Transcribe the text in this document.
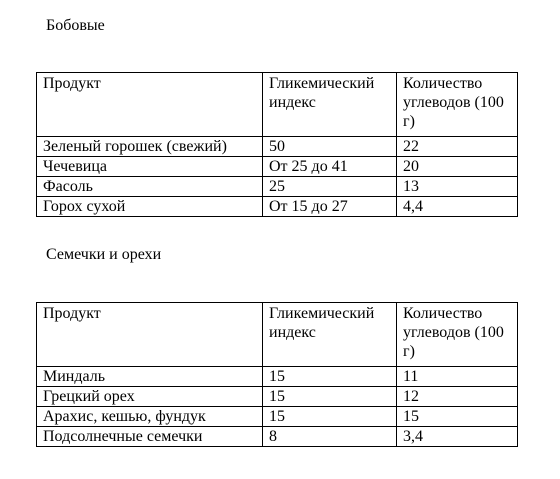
Бобовые
Продукт	Гликемический индекс	Количество углеводов (100 г)
Зеленый горошек (свежий)	50	22
Чечевица	От 25 до 41	20
Фасоль	25	13
Горох сухой	От 15 до 27	4,4
Семечки и орехи
Продукт	Гликемический индекс	Количество углеводов (100 г)
Миндаль	15	11
Грецкий орех	15	12
Арахис, кешью, фундук	15	15
Подсолнечные семечки	8	3,4
